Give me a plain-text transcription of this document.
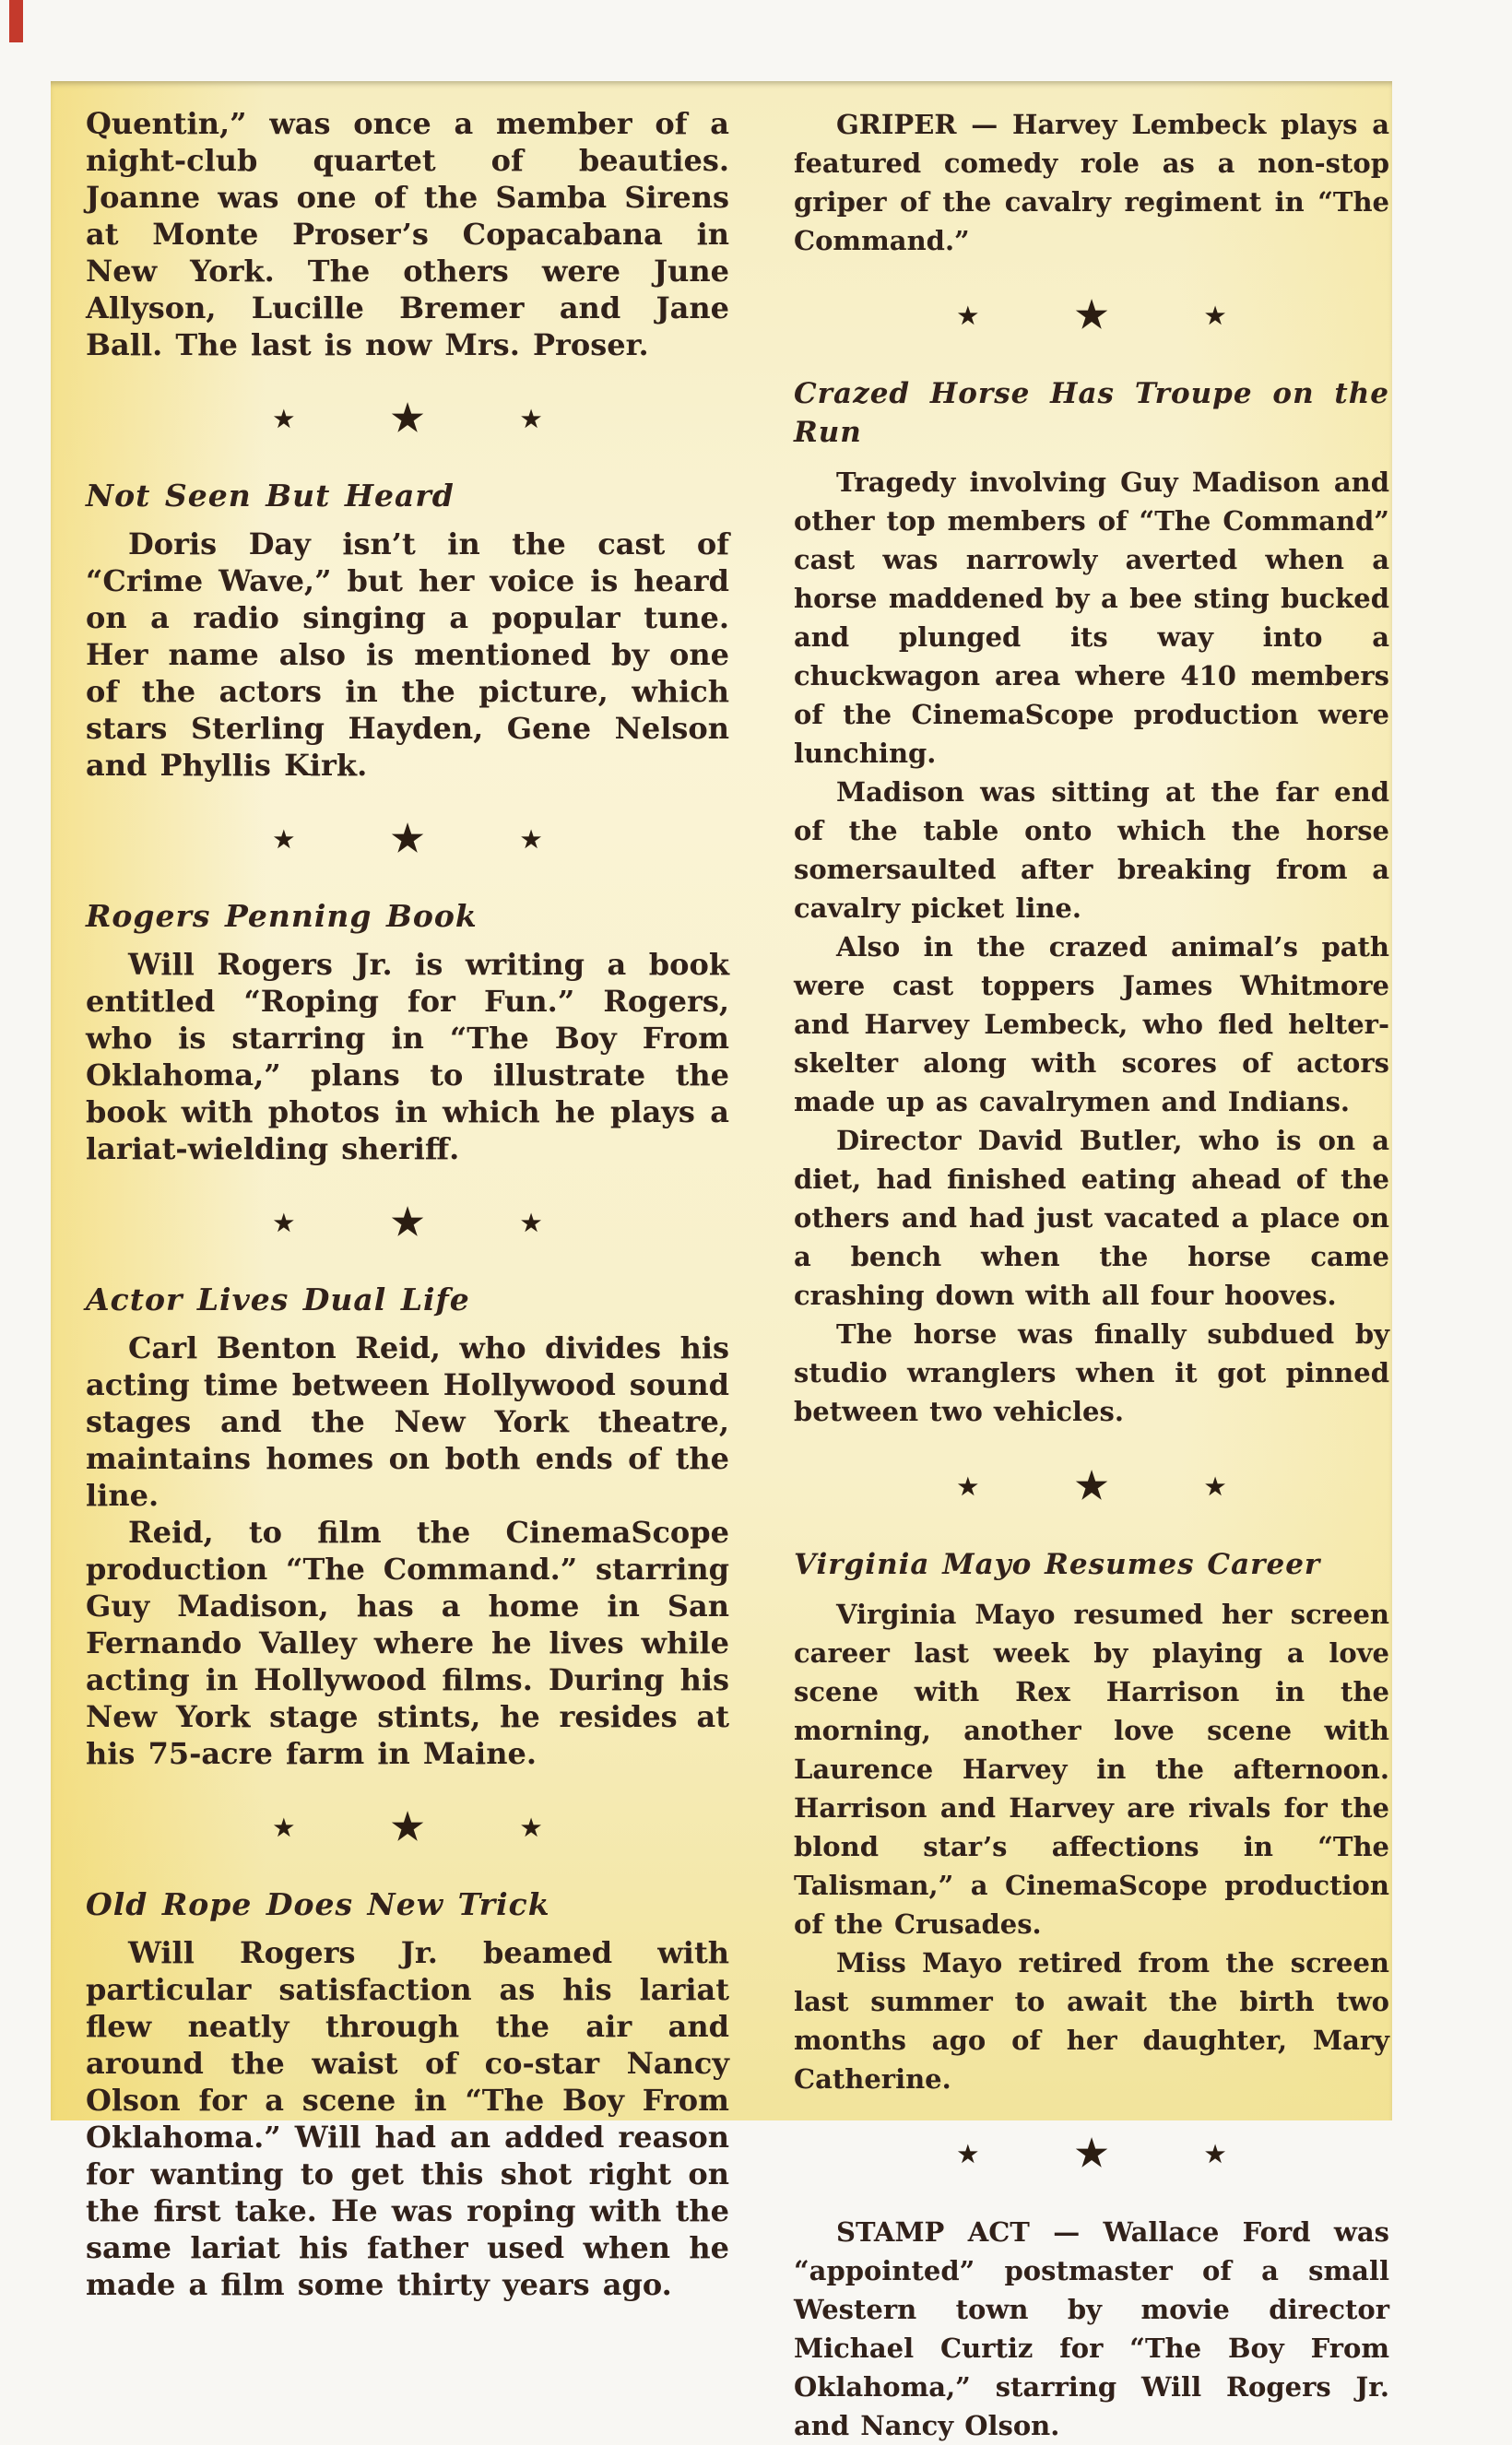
Quentin,” was once a member of a night-club quartet of beauties. Joanne was one of the Samba Sirens at Monte Proser’s Copacabana in New York. The others were June Allyson, Lucille Bremer and Jane Ball. The last is now Mrs. Proser.

★	★	★
Not Seen But Heard

Doris Day isn’t in the cast of “Crime Wave,” but her voice is heard on a radio singing a popular tune. Her name also is mentioned by one of the actors in the picture, which stars Sterling Hayden, Gene Nelson and Phyllis Kirk.

★	★	★
Rogers Penning Book

Will Rogers Jr. is writing a book entitled “Roping for Fun.” Rogers, who is starring in “The Boy From Oklahoma,” plans to illustrate the book with photos in which he plays a lariat-wielding sheriff.

★	★	★
Actor Lives Dual Life

Carl Benton Reid, who divides his acting time between Hollywood sound stages and the New York theatre, maintains homes on both ends of the line.

Reid, to film the CinemaScope production “The Command.” starring Guy Madison, has a home in San Fernando Valley where he lives while acting in Hollywood films. During his New York stage stints, he resides at his 75-acre farm in Maine.

★	★	★
Old Rope Does New Trick

Will Rogers Jr. beamed with particular satisfaction as his lariat flew neatly through the air and around the waist of co-star Nancy Olson for a scene in “The Boy From Oklahoma.” Will had an added reason for wanting to get this shot right on the first take. He was roping with the same lariat his father used when he made a film some thirty years ago.

GRIPER — Harvey Lembeck plays a featured comedy role as a non-stop griper of the cavalry regiment in “The Command.”

★	★	★
Crazed Horse Has Troupe on the Run

Tragedy involving Guy Madison and other top members of “The Command” cast was narrowly averted when a horse maddened by a bee sting bucked and plunged its way into a chuckwagon area where 410 members of the CinemaScope production were lunching.

Madison was sitting at the far end of the table onto which the horse somersaulted after breaking from a cavalry picket line.

Also in the crazed animal’s path were cast toppers James Whitmore and Harvey Lembeck, who fled helter-skelter along with scores of actors made up as cavalrymen and Indians.

Director David Butler, who is on a diet, had finished eating ahead of the others and had just vacated a place on a bench when the horse came crashing down with all four hooves.

The horse was finally subdued by studio wranglers when it got pinned between two vehicles.

★	★	★
Virginia Mayo Resumes Career

Virginia Mayo resumed her screen career last week by playing a love scene with Rex Harrison in the morning, another love scene with Laurence Harvey in the afternoon. Harrison and Harvey are rivals for the blond star’s affections in “The Talisman,” a CinemaScope production of the Crusades.

Miss Mayo retired from the screen last summer to await the birth two months ago of her daughter, Mary Catherine.

★	★	★

STAMP ACT — Wallace Ford was “appointed” postmaster of a small Western town by movie director Michael Curtiz for “The Boy From Oklahoma,” starring Will Rogers Jr. and Nancy Olson.
